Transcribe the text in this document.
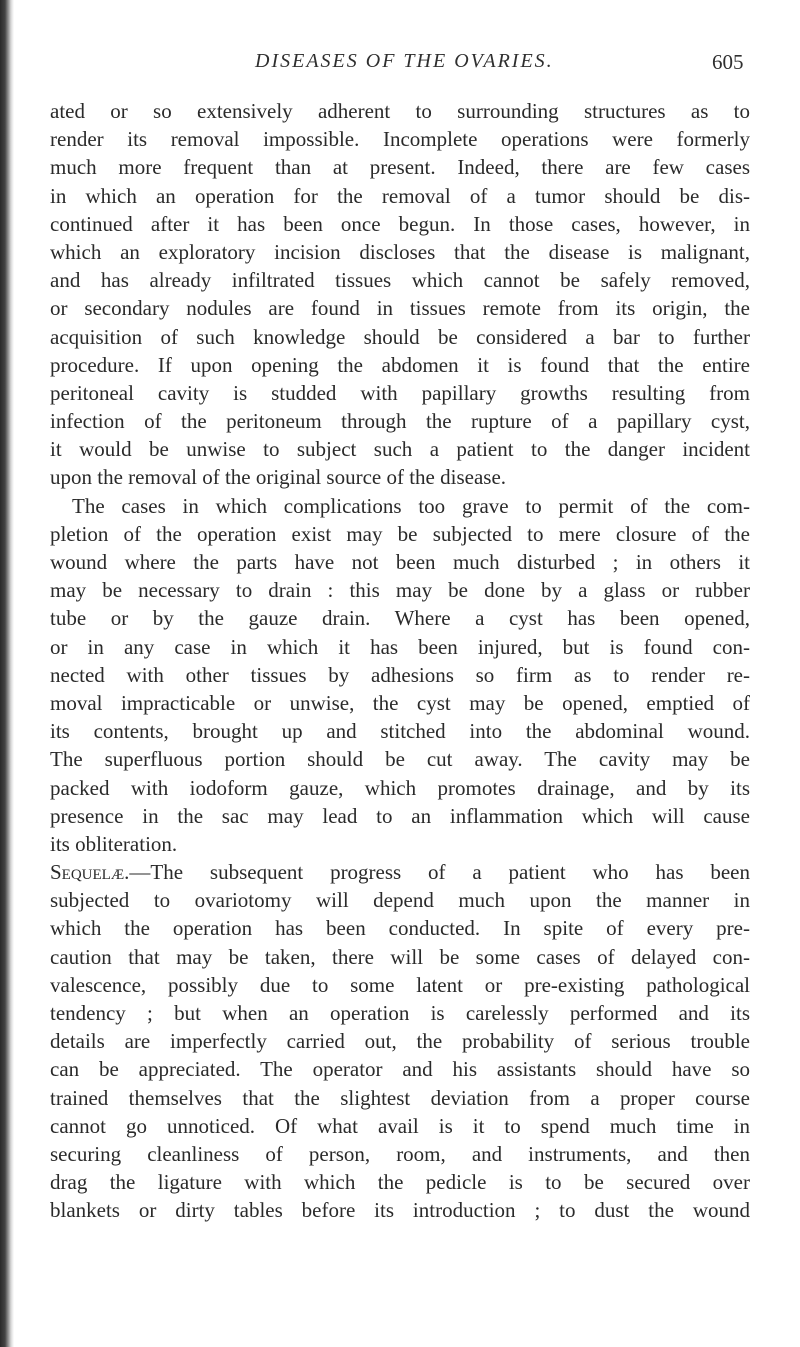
DISEASES OF THE OVARIES.	605
ated or so extensively adherent to surrounding structures as to
render its removal impossible. Incomplete operations were formerly
much more frequent than at present. Indeed, there are few cases
in which an operation for the removal of a tumor should be dis-
continued after it has been once begun. In those cases, however, in
which an exploratory incision discloses that the disease is malignant,
and has already infiltrated tissues which cannot be safely removed,
or secondary nodules are found in tissues remote from its origin, the
acquisition of such knowledge should be considered a bar to further
procedure. If upon opening the abdomen it is found that the entire
peritoneal cavity is studded with papillary growths resulting from
infection of the peritoneum through the rupture of a papillary cyst,
it would be unwise to subject such a patient to the danger incident
upon the removal of the original source of the disease.
The cases in which complications too grave to permit of the com-
pletion of the operation exist may be subjected to mere closure of the
wound where the parts have not been much disturbed ; in others it
may be necessary to drain : this may be done by a glass or rubber
tube or by the gauze drain. Where a cyst has been opened,
or in any case in which it has been injured, but is found con-
nected with other tissues by adhesions so firm as to render re-
moval impracticable or unwise, the cyst may be opened, emptied of
its contents, brought up and stitched into the abdominal wound.
The superfluous portion should be cut away. The cavity may be
packed with iodoform gauze, which promotes drainage, and by its
presence in the sac may lead to an inflammation which will cause
its obliteration.
Sequelæ.—The subsequent progress of a patient who has been
subjected to ovariotomy will depend much upon the manner in
which the operation has been conducted. In spite of every pre-
caution that may be taken, there will be some cases of delayed con-
valescence, possibly due to some latent or pre-existing pathological
tendency ; but when an operation is carelessly performed and its
details are imperfectly carried out, the probability of serious trouble
can be appreciated. The operator and his assistants should have so
trained themselves that the slightest deviation from a proper course
cannot go unnoticed. Of what avail is it to spend much time in
securing cleanliness of person, room, and instruments, and then
drag the ligature with which the pedicle is to be secured over
blankets or dirty tables before its introduction ; to dust the wound
